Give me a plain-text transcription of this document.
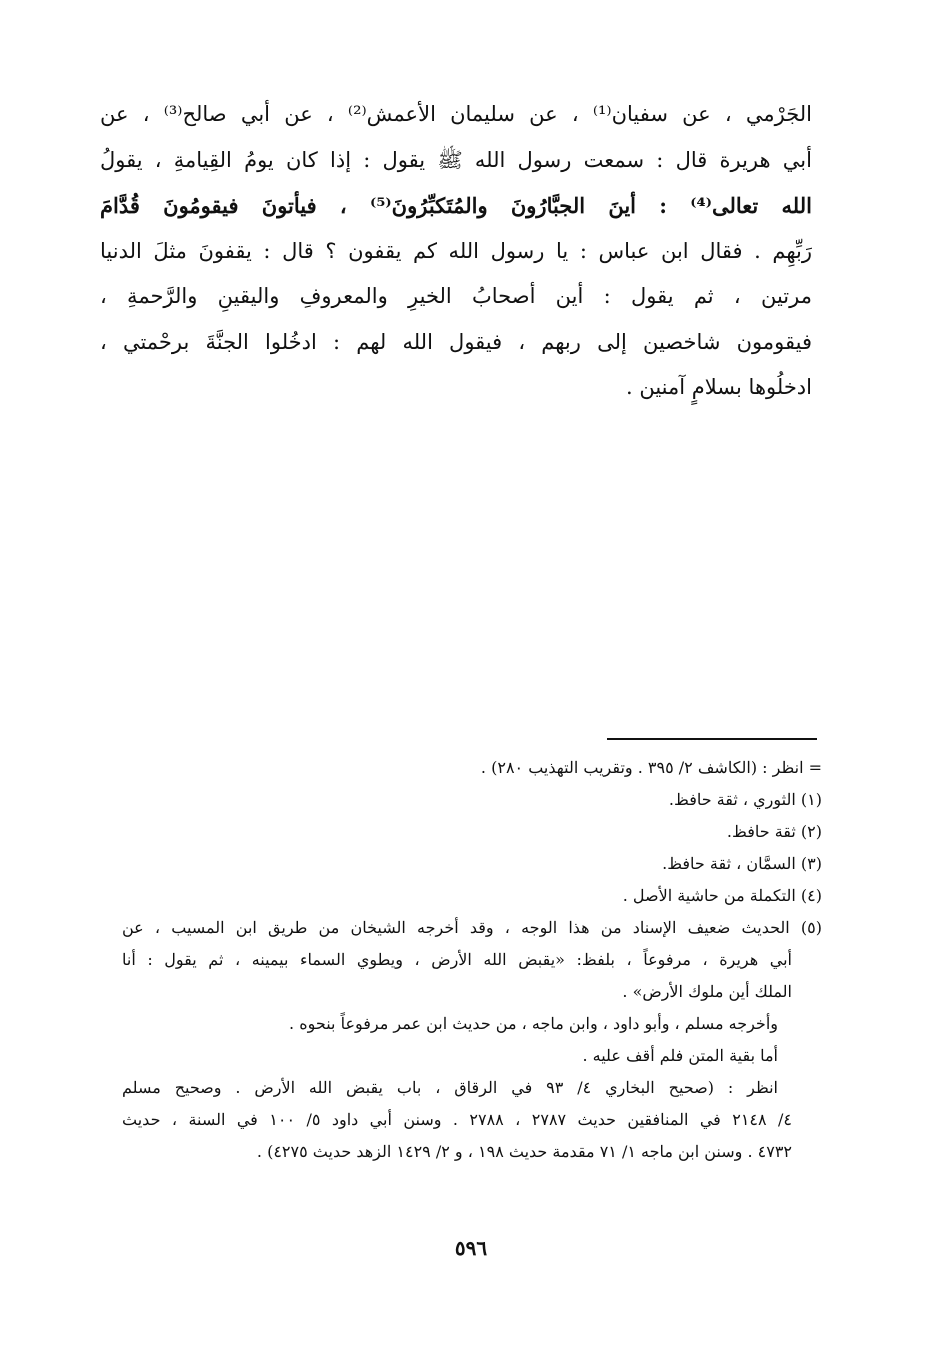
الجَرْمي ، عن سفيان⁽¹⁾ ، عن سليمان الأعمش⁽²⁾ ، عن أبي صالح⁽³⁾ ، عن
أبي هريرة قال : سمعت رسول الله ﷺ يقول : إذا كان يومُ القِيامةِ ، يقولُ
الله تعالى⁽⁴⁾ : أينَ الجبَّارُونَ والمُتَكبِّرُونَ⁽⁵⁾ ، فيأتونَ فيقومُونَ قُدَّامَ
رَبِّهِم . فقال ابن عباس : يا رسول الله كم يقفون ؟ قال : يقفونَ مثلَ الدنيا
مرتين ، ثم يقول : أين أصحابُ الخيرِ والمعروفِ واليقينِ والرَّحمةِ ،
فيقومون شاخصين إلى ربهم ، فيقول الله لهم : ادخُلوا الجنَّةَ برحْمتي ،
ادخلُوها بسلامٍ آمنين .
= انظر : (الكاشف ٢/ ٣٩٥ . وتقريب التهذيب ٢٨٠) .
(١) الثوري ، ثقة حافظ.
(٢) ثقة حافظ.
(٣) السمَّان ، ثقة حافظ.
(٤) التكملة من حاشية الأصل .
(٥) الحديث ضعيف الإسناد من هذا الوجه ، وقد أخرجه الشيخان من طريق ابن المسيب ، عن
أبي هريرة ، مرفوعاً ، بلفظ: «يقبض الله الأرض ، ويطوي السماء بيمينه ، ثم يقول : أنا
الملك أين ملوك الأرض» .
وأخرجه مسلم ، وأبو داود ، وابن ماجه ، من حديث ابن عمر مرفوعاً بنحوه .
أما بقية المتن فلم أقف عليه .
انظر : (صحيح البخاري ٤/ ٩٣ في الرقاق ، باب يقبض الله الأرض . وصحيح مسلم
٤/ ٢١٤٨ في المنافقين حديث ٢٧٨٧ ، ٢٧٨٨ . وسنن أبي داود ٥/ ١٠٠ في السنة ، حديث
٤٧٣٢ . وسنن ابن ماجه ١/ ٧١ مقدمة حديث ١٩٨ ، و ٢/ ١٤٢٩ الزهد حديث ٤٢٧٥) .
٥٩٦
